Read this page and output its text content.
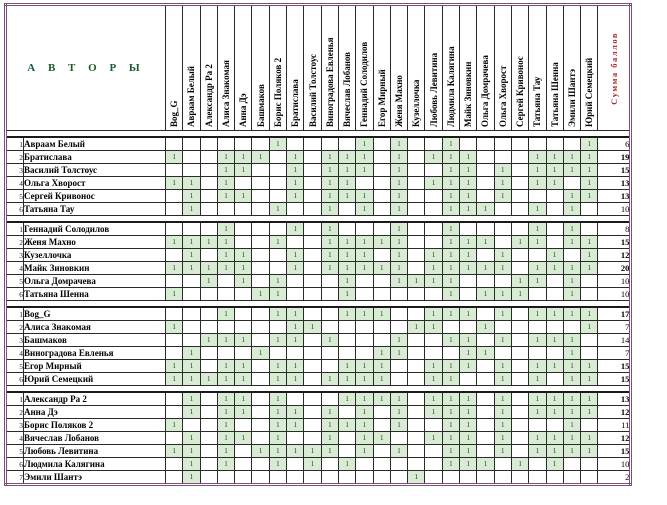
А В Т О Р Ы		Bog_G	Авраам Белый	Александр Ра 2	Алиса Знакомая	Анна Дэ	Башмаков	Борис Поляков 2	Братислава	Василий Толстоус	Виноградова Евленья	Вячеслав Лобанов	Геннадий Солодилов	Егор Мирный	Женя Махно	Кузеллочка	Любовь Левитина	Людмила Калягина	Майк Зиновкин	Ольга Домрачева	Ольга Хворост	Сергей Кривонос	Татьяна Тау	Татьяна Шенна	Эмили Шантэ	Юрий Семецкий	Сумма баллов

1	Авраам Белый							1					1		1			1								1	6
2	Братислава	1			1	1	1		1		1	1	1		1		1	1	1				1	1	1	1	19
3	Василий Толстоус				1	1			1		1	1	1		1			1	1		1		1	1	1	1	15
4	Ольга Хворост	1	1		1				1		1	1			1		1	1	1		1		1	1		1	13
5	Сергей Кривонос		1		1	1			1		1	1	1		1			1	1		1				1	1	13
6	Татьяна Тау		1					1			1		1		1			1	1	1			1		1		10

1	Геннадий Солодилов				1				1		1				1			1					1		1		8
2	Женя Махно	1	1	1	1			1			1	1	1	1	1			1	1	1		1	1		1	1	15
3	Кузеллочка		1		1	1			1		1	1	1		1		1	1	1		1			1		1	12
4	Майк Зиновкин	1	1	1	1	1			1		1	1	1	1	1		1	1	1	1	1		1	1	1	1	20
5	Ольга Домрачева			1		1		1				1			1	1	1	1				1	1		1		10
6	Татьяна Шенна	1					1	1				1						1		1	1	1			1		10

1	Bog_G				1			1	1			1	1	1			1	1	1		1		1	1	1	1	17
2	Алиса Знакомая	1							1	1						1	1			1						1	7
3	Башмаков			1	1	1		1	1		1				1			1	1		1		1	1	1		14
4	Виноградова Евленья		1				1							1	1				1	1					1		7
5	Егор Мирный	1	1		1	1		1	1			1	1	1			1	1	1		1		1	1	1	1	15
6	Юрий Семецкий	1	1	1	1	1		1	1		1	1	1	1			1	1			1		1		1	1	15

1	Александр Ра 2		1		1	1		1				1	1	1	1		1	1	1		1		1	1	1	1	13
2	Анна Дэ		1		1	1		1	1		1		1		1		1	1	1		1		1	1	1	1	12
3	Борис Поляков 2	1			1			1	1		1	1	1		1			1	1		1				1		11
4	Вячеслав Лобанов		1		1	1		1			1		1	1			1	1	1		1		1	1	1	1	12
5	Любовь Левитина	1	1		1		1	1	1	1	1		1		1			1	1		1		1	1	1	1	15
6	Людмила Калягина		1		1			1		1		1						1	1	1		1		1			10
7	Эмили Шантэ		1													1											2
